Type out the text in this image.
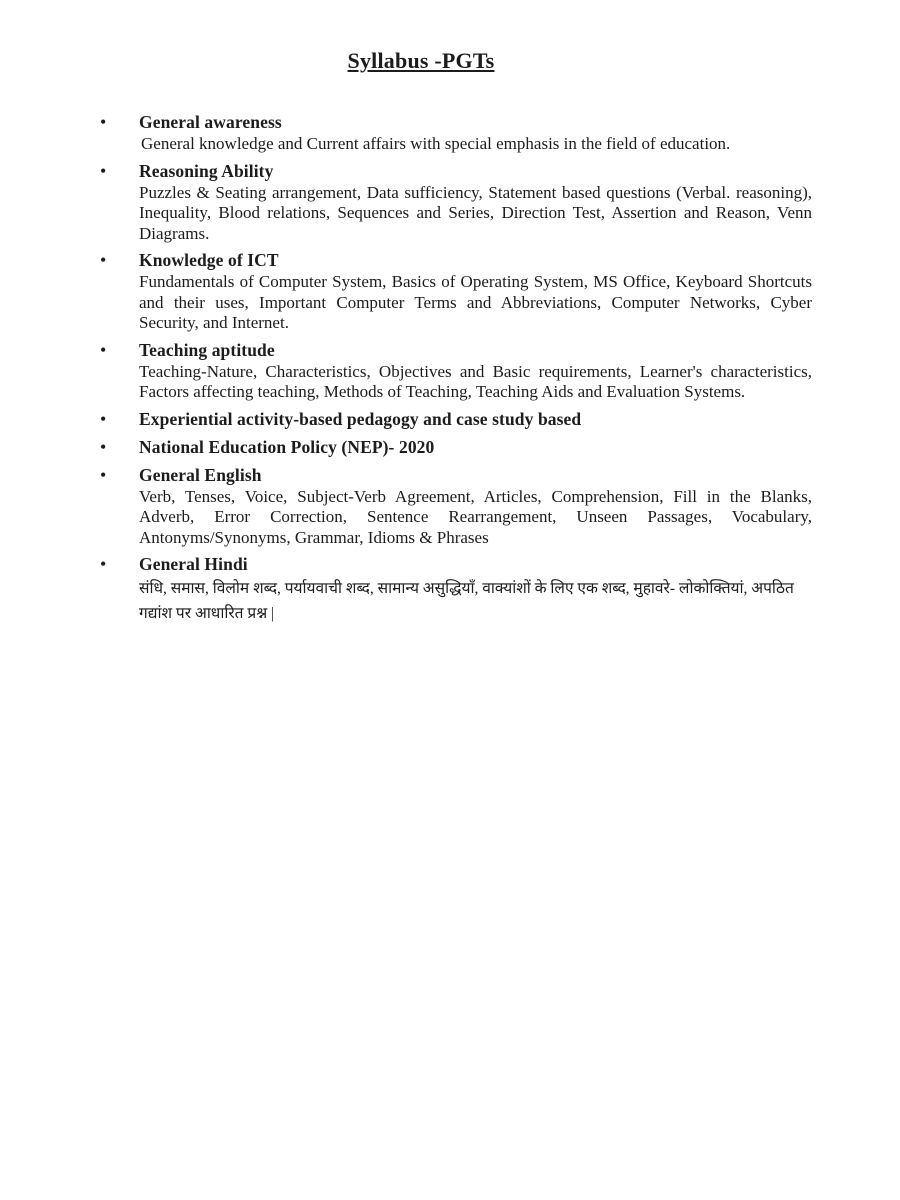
Syllabus -PGTs
• General awareness
General knowledge and Current affairs with special emphasis in the field of education.
• Reasoning Ability
Puzzles & Seating arrangement, Data sufficiency, Statement based questions (Verbal. reasoning), Inequality, Blood relations, Sequences and Series, Direction Test, Assertion and Reason, Venn Diagrams.
• Knowledge of ICT
Fundamentals of Computer System, Basics of Operating System, MS Office, Keyboard Shortcuts and their uses, Important Computer Terms and Abbreviations, Computer Networks, Cyber Security, and Internet.
• Teaching aptitude
Teaching-Nature, Characteristics, Objectives and Basic requirements, Learner's characteristics, Factors affecting teaching, Methods of Teaching, Teaching Aids and Evaluation Systems.
• Experiential activity-based pedagogy and case study based
• National Education Policy (NEP)- 2020
• General English
Verb, Tenses, Voice, Subject-Verb Agreement, Articles, Comprehension, Fill in the Blanks, Adverb, Error Correction, Sentence Rearrangement, Unseen Passages, Vocabulary, Antonyms/Synonyms, Grammar, Idioms & Phrases
• General Hindi
संधि, समास, विलोम शब्द, पर्यायवाची शब्द, सामान्य असुद्धियाँ, वाक्यांशों के लिए एक शब्द, मुहावरे- लोकोक्तियां, अपठित गद्यांश पर आधारित प्रश्न |
